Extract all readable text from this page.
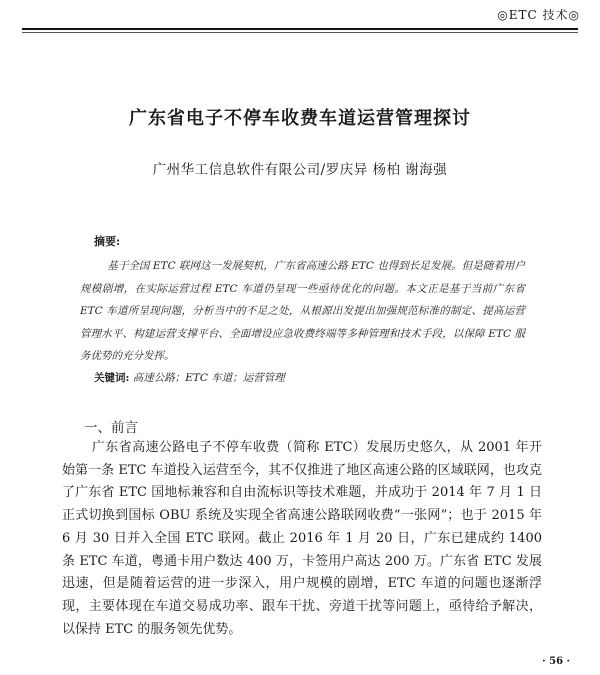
◎ETC 技术◎
广东省电子不停车收费车道运营管理探讨
广州华工信息软件有限公司/罗庆异 杨柏 谢海强
摘要:
基于全国 ETC 联网这一发展契机，广东省高速公路 ETC 也得到长足发展。但是随着用户规模剧增，在实际运营过程 ETC 车道仍呈现一些亟待优化的问题。本文正是基于当前广东省 ETC 车道所呈现问题，分析当中的不足之处，从根源出发提出加强规范标准的制定、提高运营管理水平、构建运营支撑平台、全面增设应急收费终端等多种管理和技术手段，以保障 ETC 服务优势的充分发挥。
关键词: 高速公路；ETC 车道；运营管理
一、前言
广东省高速公路电子不停车收费（简称 ETC）发展历史悠久，从 2001 年开始第一条 ETC 车道投入运营至今，其不仅推进了地区高速公路的区域联网，也攻克了广东省 ETC 国地标兼容和自由流标识等技术难题，并成功于 2014 年 7 月 1 日正式切换到国标 OBU 系统及实现全省高速公路联网收费“一张网”；也于 2015 年 6 月 30 日并入全国 ETC 联网。截止 2016 年 1 月 20 日，广东已建成约 1400 条 ETC 车道，粤通卡用户数达 400 万，卡签用户高达 200 万。广东省 ETC 发展迅速，但是随着运营的进一步深入，用户规模的剧增，ETC 车道的问题也逐渐浮现，主要体现在车道交易成功率、跟车干扰、旁道干扰等问题上，亟待给予解决，以保持 ETC 的服务领先优势。
· 56 ·
